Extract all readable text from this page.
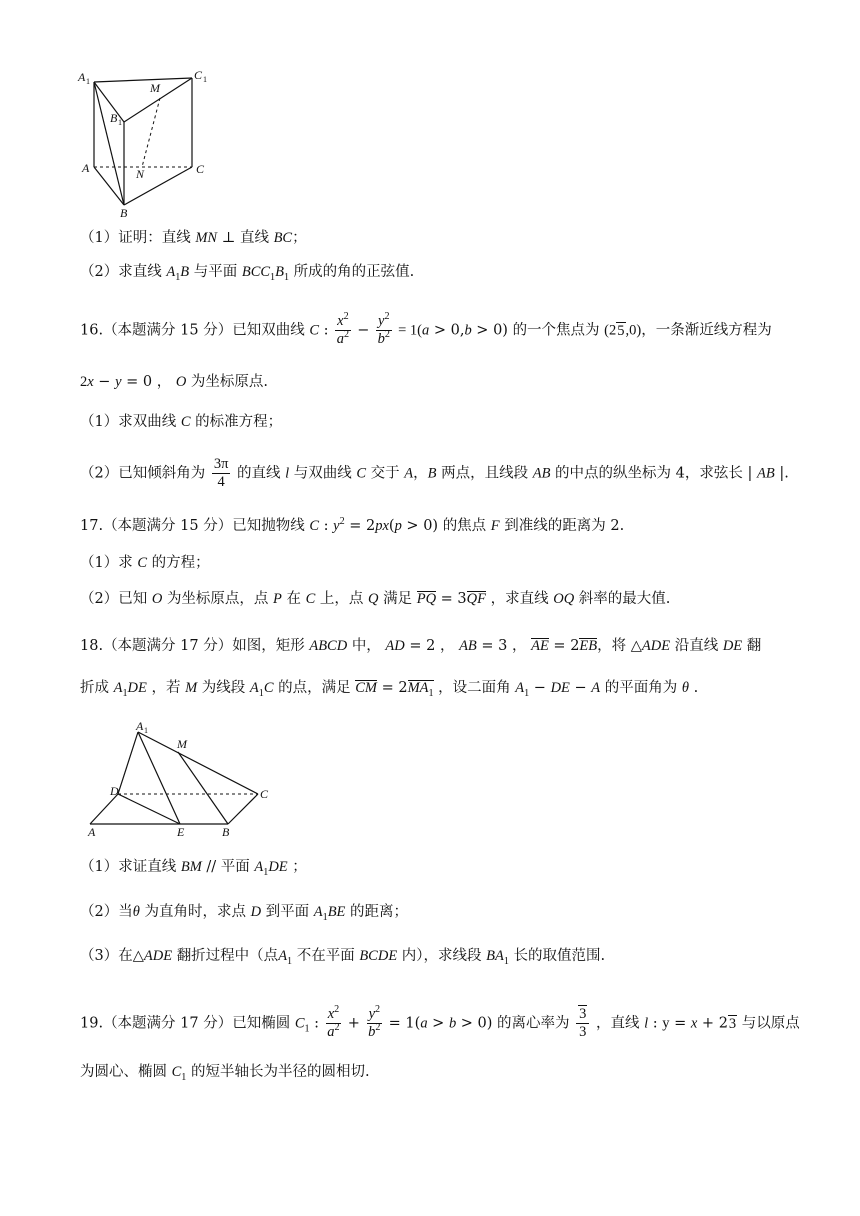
A 1	C 1
M
B 1
A	N	C
B
（1）证明：直线 MN ⊥ 直线 BC；
（2）求直线 $A_1B$ 与平面 $BCC_1B_1$ 所成的角的正弦值.
16.（本题满分 15 分）已知双曲线 C : $\frac{x^2}{a^2} - \frac{y^2}{b^2} = 1(a > 0,b > 0)$ 的一个焦点为 (25,0)，一条渐近线方程为
2x − y = 0 ， O 为坐标原点.
（1）求双曲线 C 的标准方程；
（2）已知倾斜角为 $\frac{3\pi}{4}$ 的直线 l 与双曲线 C 交于 A，B 两点，且线段 AB 的中点的纵坐标为 4，求弦长 | AB |.
17.（本题满分 15 分）已知抛物线 C : $y^2 = 2px(p > 0)$ 的焦点 F 到准线的距离为 2.
（1）求 C 的方程；
（2）已知 O 为坐标原点，点 P 在 C 上，点 Q 满足 PQ = 3QF ，求直线 OQ 斜率的最大值.
18.（本题满分 17 分）如图，矩形 ABCD 中， AD = 2 ， AB = 3 ， AE = 2EB，将 △ADE 沿直线 DE 翻
折成 $A_1DE$ ，若 M 为线段 $A_1C$ 的点，满足 CM = $2MA_1$ ，设二面角 $A_1$ − DE − A 的平面角为 θ .
A 1
M
D	C
A	E	B
（1）求证直线 BM // 平面 $A_1DE$ ；
（2）当θ 为直角时，求点 D 到平面 $A_1BE$ 的距离；
（3）在△ADE 翻折过程中（点$A_1$ 不在平面 BCDE 内），求线段 $BA_1$ 长的取值范围.
19.（本题满分 17 分）已知椭圆 $C_1$ : $\frac{x^2}{a^2} + \frac{y^2}{b^2} = 1(a > b > 0)$ 的离心率为 $\frac{3}{3}$ ，直线 l : y = x + 23 与以原点
为圆心、椭圆 $C_1$ 的短半轴长为半径的圆相切.
